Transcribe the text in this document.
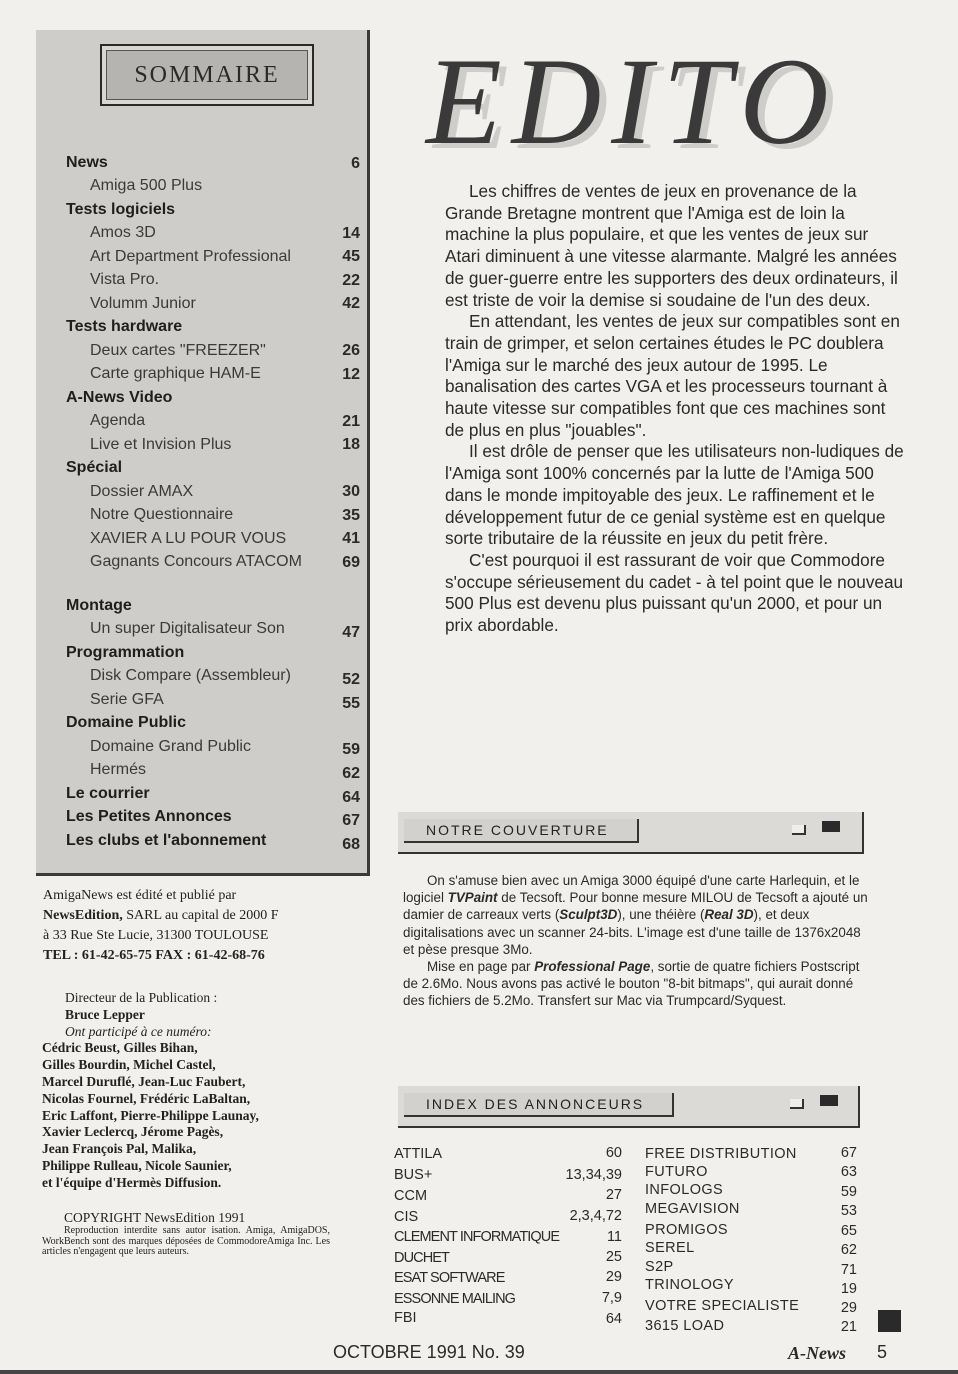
SOMMAIRE
News	6
Amiga 500 Plus
Tests logiciels
Amos 3D	14
Art Department Professional	45
Vista Pro.	22
Volumm Junior	42
Tests hardware
Deux cartes "FREEZER"	26
Carte graphique HAM-E	12
A-News Video
Agenda	21
Live et Invision Plus	18
Spécial
Dossier AMAX	30
Notre Questionnaire	35
XAVIER A LU POUR VOUS	41
Gagnants Concours ATACOM	69
Montage
Un super Digitalisateur Son	47
Programmation
Disk Compare (Assembleur)	52
Serie GFA	55
Domaine Public
Domaine Grand Public	59
Hermés	62
Le courrier	64
Les Petites Annonces	67
Les clubs et l'abonnement	68
AmigaNews est édité et publié par
NewsEdition, SARL au capital de 2000 F
à 33 Rue Ste Lucie, 31300 TOULOUSE
TEL : 61-42-65-75 FAX : 61-42-68-76
Directeur de la Publication :
Bruce Lepper
Ont participé à ce numéro:
Cédric Beust, Gilles Bihan,
Gilles Bourdin, Michel Castel,
Marcel Duruflé, Jean-Luc Faubert,
Nicolas Fournel, Frédéric LaBaltan,
Eric Laffont, Pierre-Philippe Launay,
Xavier Leclercq, Jérome Pagès,
Jean François Pal, Malika,
Philippe Rulleau, Nicole Saunier,
et l'équipe d'Hermès Diffusion.
COPYRIGHT NewsEdition 1991
Reproduction interdite sans autor isation. Amiga, AmigaDOS, WorkBench sont des marques déposées de CommodoreAmiga Inc. Les articles n'engagent que leurs auteurs.
EDITO

Les chiffres de ventes de jeux en provenance de la Grande Bretagne montrent que l'Amiga est de loin la machine la plus populaire, et que les ventes de jeux sur Atari diminuent à une vitesse alarmante. Malgré les années de guer-guerre entre les supporters des deux ordinateurs, il est triste de voir la demise si soudaine de l'un des deux.

En attendant, les ventes de jeux sur compatibles sont en train de grimper, et selon certaines études le PC doublera l'Amiga sur le marché des jeux autour de 1995. Le banalisation des cartes VGA et les processeurs tournant à haute vitesse sur compatibles font que ces machines sont de plus en plus "jouables".

Il est drôle de penser que les utilisateurs non-ludiques de l'Amiga sont 100% concernés par la lutte de l'Amiga 500 dans le monde impitoyable des jeux. Le raffinement et le développement futur de ce genial système est en quelque sorte tributaire de la réussite en jeux du petit frère.

C'est pourquoi il est rassurant de voir que Commodore s'occupe sérieusement du cadet - à tel point que le nouveau 500 Plus est devenu plus puissant qu'un 2000, et pour un prix abordable.

NOTRE COUVERTURE

On s'amuse bien avec un Amiga 3000 équipé d'une carte Harlequin, et le logiciel TVPaint de Tecsoft. Pour bonne mesure MILOU de Tecsoft a ajouté un damier de carreaux verts (Sculpt3D), une théière (Real 3D), et deux digitalisations avec un scanner 24-bits. L'image est d'une taille de 1376x2048 et pèse presque 3Mo.

Mise en page par Professional Page, sortie de quatre fichiers Postscript de 2.6Mo. Nous avons pas activé le bouton "8-bit bitmaps", qui aurait donné des fichiers de 5.2Mo. Transfert sur Mac via Trumpcard/Syquest.

INDEX DES ANNONCEURS
ATTILA	60
BUS+	13,34,39
CCM	27
CIS	2,3,4,72
CLEMENT INFORMATIQUE	11
DUCHET	25
ESAT SOFTWARE	29
ESSONNE MAILING	7,9
FBI	64
FREE DISTRIBUTION	67
FUTURO	63
INFOLOGS	59
MEGAVISION	53
PROMIGOS	65
SEREL	62
S2P	71
TRINOLOGY	19
VOTRE SPECIALISTE	29
3615 LOAD	21
OCTOBRE 1991 No. 39	A-News 5
